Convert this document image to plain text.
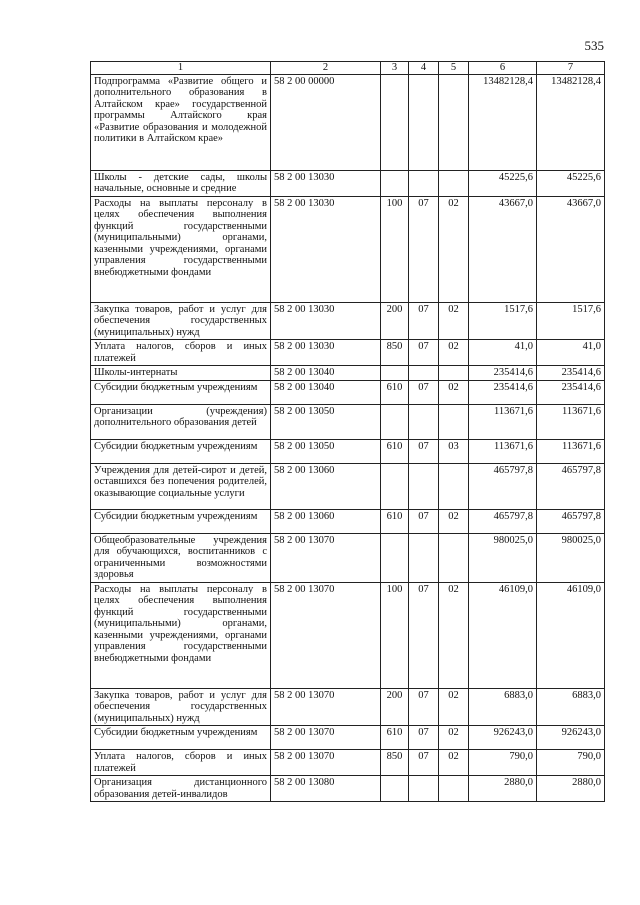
535
1	2	3	4	5	6	7
Подпрограмма «Развитие общего и дополнительного образования в Алтайском крае» государственной программы Алтайского края «Развитие образования и молодежной политики в Алтайском крае»	58 2 00 00000				13482128,4	13482128,4
Школы - детские сады, школы начальные, основные и средние	58 2 00 13030				45225,6	45225,6
Расходы на выплаты персоналу в целях обеспечения выполнения функций государственными (муниципальными) органами, казенными учреждениями, органами управления государственными внебюджетными фондами	58 2 00 13030	100	07	02	43667,0	43667,0
Закупка товаров, работ и услуг для обеспечения государственных (муниципальных) нужд	58 2 00 13030	200	07	02	1517,6	1517,6
Уплата налогов, сборов и иных платежей	58 2 00 13030	850	07	02	41,0	41,0
Школы-интернаты	58 2 00 13040				235414,6	235414,6
Субсидии бюджетным учреждениям	58 2 00 13040	610	07	02	235414,6	235414,6
Организации (учреждения) дополнительного образования детей	58 2 00 13050				113671,6	113671,6
Субсидии бюджетным учреждениям	58 2 00 13050	610	07	03	113671,6	113671,6
Учреждения для детей-сирот и детей, оставшихся без попечения родителей, оказывающие социальные услуги	58 2 00 13060				465797,8	465797,8
Субсидии бюджетным учреждениям	58 2 00 13060	610	07	02	465797,8	465797,8
Общеобразовательные учреждения для обучающихся, воспитанников с ограниченными возможностями здоровья	58 2 00 13070				980025,0	980025,0
Расходы на выплаты персоналу в целях обеспечения выполнения функций государственными (муниципальными) органами, казенными учреждениями, органами управления государственными внебюджетными фондами	58 2 00 13070	100	07	02	46109,0	46109,0
Закупка товаров, работ и услуг для обеспечения государственных (муниципальных) нужд	58 2 00 13070	200	07	02	6883,0	6883,0
Субсидии бюджетным учреждениям	58 2 00 13070	610	07	02	926243,0	926243,0
Уплата налогов, сборов и иных платежей	58 2 00 13070	850	07	02	790,0	790,0
Организация дистанционного образования детей-инвалидов	58 2 00 13080				2880,0	2880,0
